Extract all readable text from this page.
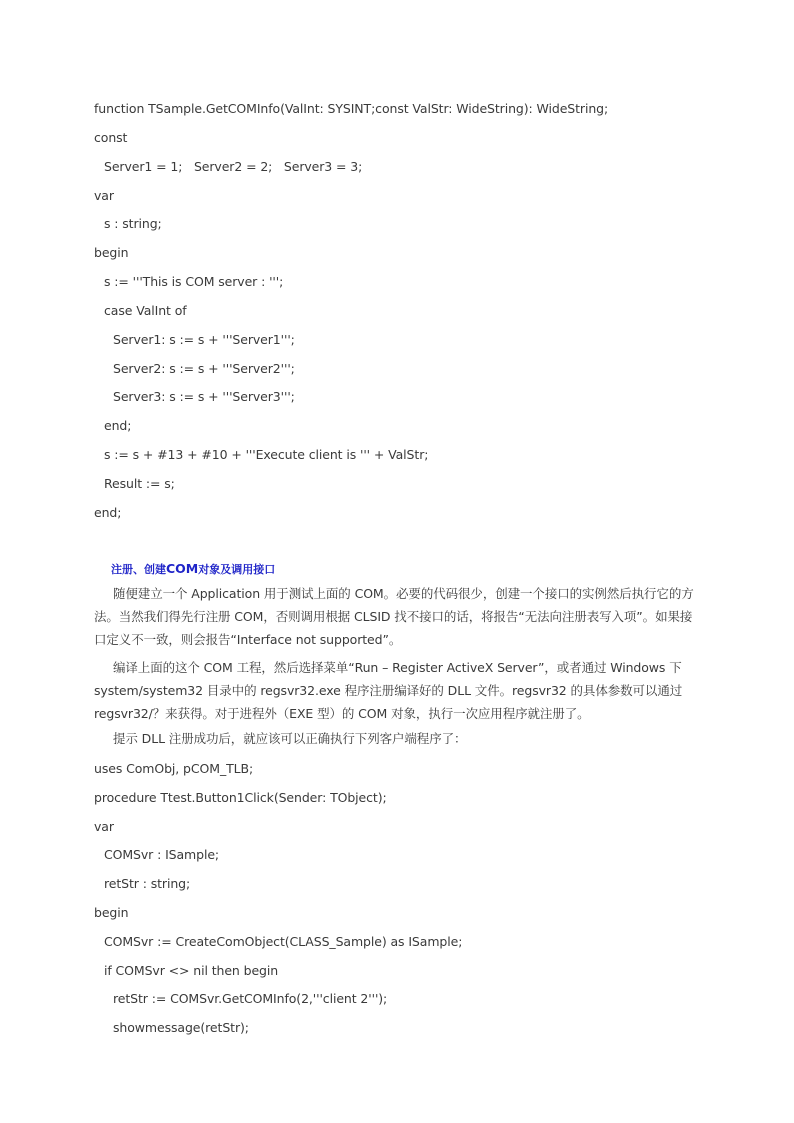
function TSample.GetCOMInfo(ValInt: SYSINT;const ValStr: WideString): WideString;
const
Server1 = 1;   Server2 = 2;   Server3 = 3;
var
s : string;
begin
s := '''This is COM server : ''';
case ValInt of
Server1: s := s + '''Server1''';
Server2: s := s + '''Server2''';
Server3: s := s + '''Server3''';
end;
s := s + #13 + #10 + '''Execute client is ''' + ValStr;
Result := s;
end;
注册、创建COM对象及调用接口
随便建立一个 Application 用于测试上面的 COM。必要的代码很少，创建一个接口的实例然后执行它的方法。当然我们得先行注册 COM，否则调用根据 CLSID 找不接口的话，将报告“无法向注册表写入项”。如果接口定义不一致，则会报告“Interface not supported”。
编译上面的这个 COM 工程，然后选择菜单“Run – Register ActiveX Server”，或者通过 Windows 下 system/system32 目录中的 regsvr32.exe 程序注册编译好的 DLL 文件。regsvr32 的具体参数可以通过 regsvr32/？来获得。对于进程外（EXE 型）的 COM 对象，执行一次应用程序就注册了。
提示 DLL 注册成功后，就应该可以正确执行下列客户端程序了：
uses ComObj, pCOM_TLB;
procedure Ttest.Button1Click(Sender: TObject);
var
COMSvr : ISample;
retStr : string;
begin
COMSvr := CreateComObject(CLASS_Sample) as ISample;
if COMSvr <> nil then begin
retStr := COMSvr.GetCOMInfo(2,'''client 2''');
showmessage(retStr);
